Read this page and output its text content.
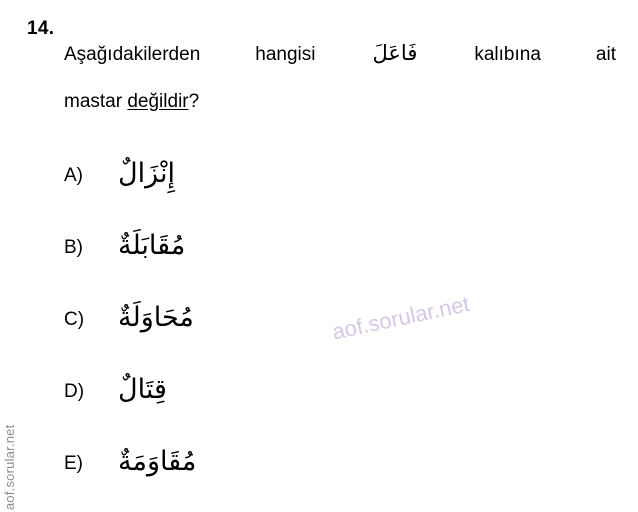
14.
Aşağıdakilerden	hangisi	فَاعَلَ	kalıbına	ait
mastar değildir?
A)	إِنْزَالٌ
B)	مُقَابَلَةٌ
C)	مُحَاوَلَةٌ
D)	قِتَالٌ
E)	مُقَاوَمَةٌ
aof.sorular.net
aof.sorular.net
